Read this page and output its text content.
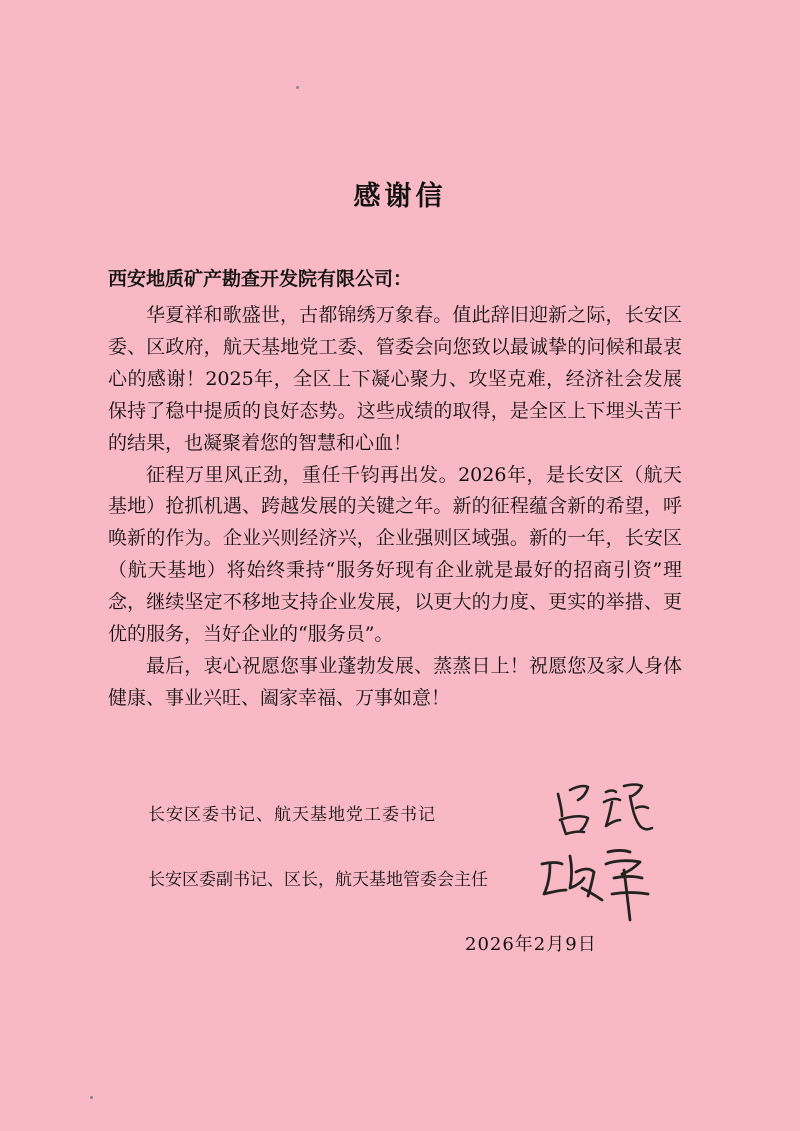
感谢信
西安地质矿产勘查开发院有限公司：

华夏祥和歌盛世，古都锦绣万象春。值此辞旧迎新之际，长安区委、区政府，航天基地党工委、管委会向您致以最诚挚的问候和最衷心的感谢！2025年，全区上下凝心聚力、攻坚克难，经济社会发展保持了稳中提质的良好态势。这些成绩的取得，是全区上下埋头苦干的结果，也凝聚着您的智慧和心血！

征程万里风正劲，重任千钧再出发。2026年，是长安区（航天基地）抢抓机遇、跨越发展的关键之年。新的征程蕴含新的希望，呼唤新的作为。企业兴则经济兴，企业强则区域强。新的一年，长安区（航天基地）将始终秉持“服务好现有企业就是最好的招商引资”理念，继续坚定不移地支持企业发展，以更大的力度、更实的举措、更优的服务，当好企业的“服务员”。

最后，衷心祝愿您事业蓬勃发展、蒸蒸日上！祝愿您及家人身体健康、事业兴旺、阖家幸福、万事如意！

长安区委书记、航天基地党工委书记
长安区委副书记、区长，航天基地管委会主任
2026年2月9日
